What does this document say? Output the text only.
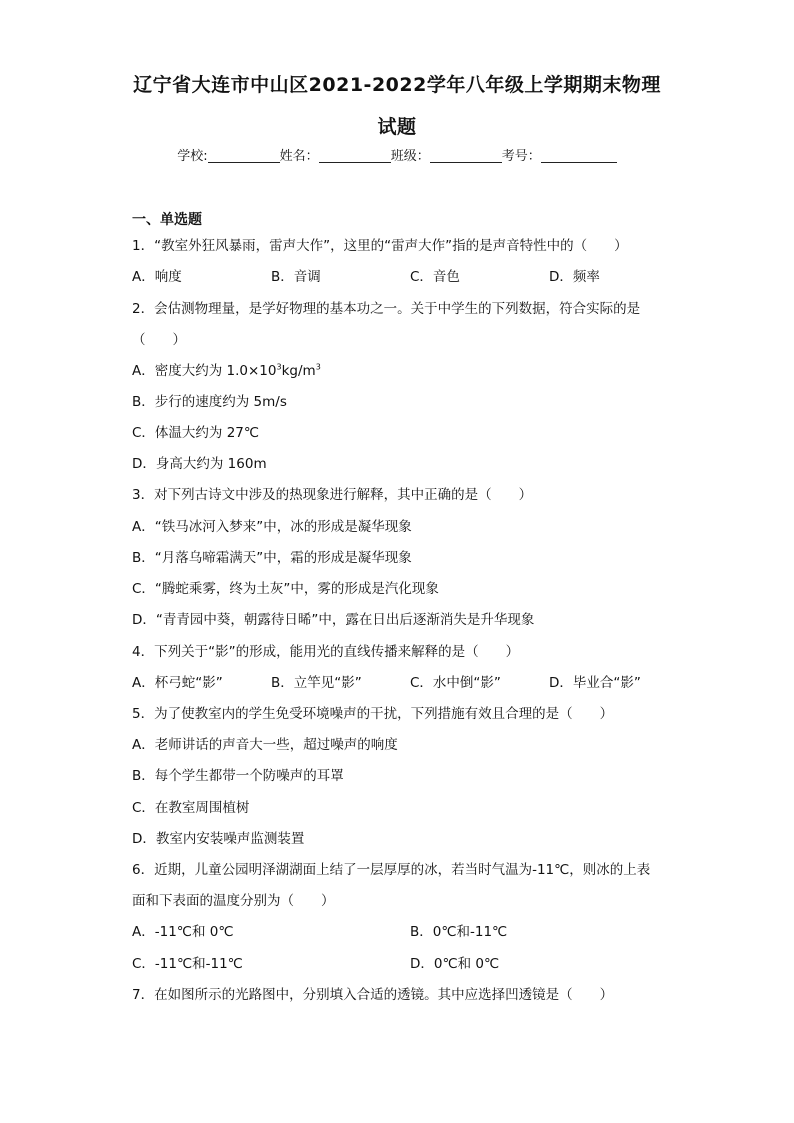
辽宁省大连市中山区2021-2022学年八年级上学期期末物理
试题
学校:	姓名：	班级：	考号：
一、单选题
1．“教室外狂风暴雨，雷声大作”，这里的“雷声大作”指的是声音特性中的（　　）
A．响度	B．音调	C．音色	D．频率
2．会估测物理量，是学好物理的基本功之一。关于中学生的下列数据，符合实际的是
（　　）
A．密度大约为 $1.0\times 10^3kg/m^3$
B．步行的速度约为 5m/s
C．体温大约为 27℃
D．身高大约为 160m
3．对下列古诗文中涉及的热现象进行解释，其中正确的是（　　）
A．“铁马冰河入梦来”中，冰的形成是凝华现象
B．“月落乌啼霜满天”中，霜的形成是凝华现象
C．“腾蛇乘雾，终为土灰”中，雾的形成是汽化现象
D．“青青园中葵，朝露待日晞”中，露在日出后逐渐消失是升华现象
4．下列关于“影”的形成，能用光的直线传播来解释的是（　　）
A．杯弓蛇“影”	B．立竿见“影”	C．水中倒“影”	D．毕业合“影”
5．为了使教室内的学生免受环境噪声的干扰，下列措施有效且合理的是（　　）
A．老师讲话的声音大一些，超过噪声的响度
B．每个学生都带一个防噪声的耳罩
C．在教室周围植树
D．教室内安装噪声监测装置
6．近期，儿童公园明泽湖湖面上结了一层厚厚的冰，若当时气温为-11℃，则冰的上表
面和下表面的温度分别为（　　）
A．-11℃和 0℃	B．0℃和-11℃
C．-11℃和-11℃	D．0℃和 0℃
7．在如图所示的光路图中，分别填入合适的透镜。其中应选择凹透镜是（　　）
